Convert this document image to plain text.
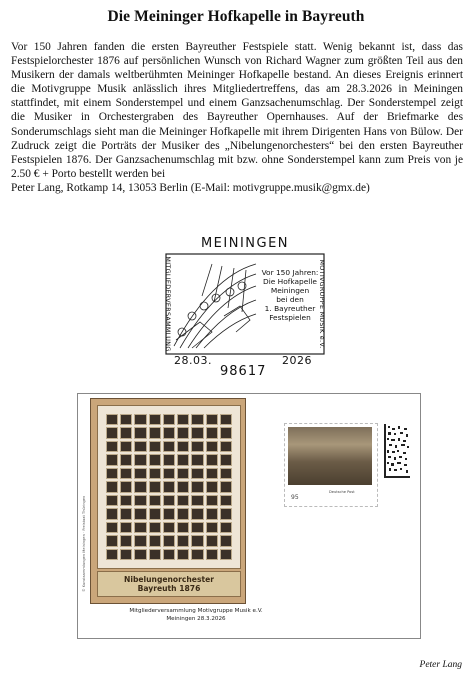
Die Meininger Hofkapelle in Bayreuth

Vor 150 Jahren fanden die ersten Bayreuther Festspiele statt. Wenig bekannt ist, dass das Festspielorchester 1876 auf persönlichen Wunsch von Richard Wagner zum größten Teil aus den Musikern der damals weltberühmten Meininger Hofkapelle bestand. An dieses Ereignis erinnert die Motivgruppe Musik anlässlich ihres Mitgliedertreffens, das am 28.3.2026 in Meiningen stattfindet, mit einem Sonderstempel und einem Ganzsachenumschlag. Der Sonderstempel zeigt die Musiker in Orchestergraben des Bayreuther Opernhauses. Auf der Briefmarke des Sonderumschlags sieht man die Meininger Hofkapelle mit ihrem Dirigenten Hans von Bülow. Der Zudruck zeigt die Porträts der Musiker des „Nibelungenorchesters“ bei den ersten Bayreuther Festspielen 1876. Der Ganzsachenumschlag mit bzw. ohne Sonderstempel kann zum Preis von je 2.50 € + Porto bestellt werden bei

Peter Lang, Rotkamp 14, 13053 Berlin (E-Mail: motivgruppe.musik@gmx.de)

MEININGEN
MITGLIEDERVERSAMMLUNG	MOTIVGRUPPE MUSIK e.V.
Vor 150 Jahren:
Die Hofkapelle
Meiningen
bei den
1. Bayreuther
Festspielen
28.03.	2026
98617
Nibelungenorchester Bayreuth 1876
© Kunstsammlungen Meiningen · Freistaat Thüringen
Mitgliederversammlung Motivgruppe Musik e.V.
Meiningen 28.3.2026
Deutsche Post
95
Peter Lang
